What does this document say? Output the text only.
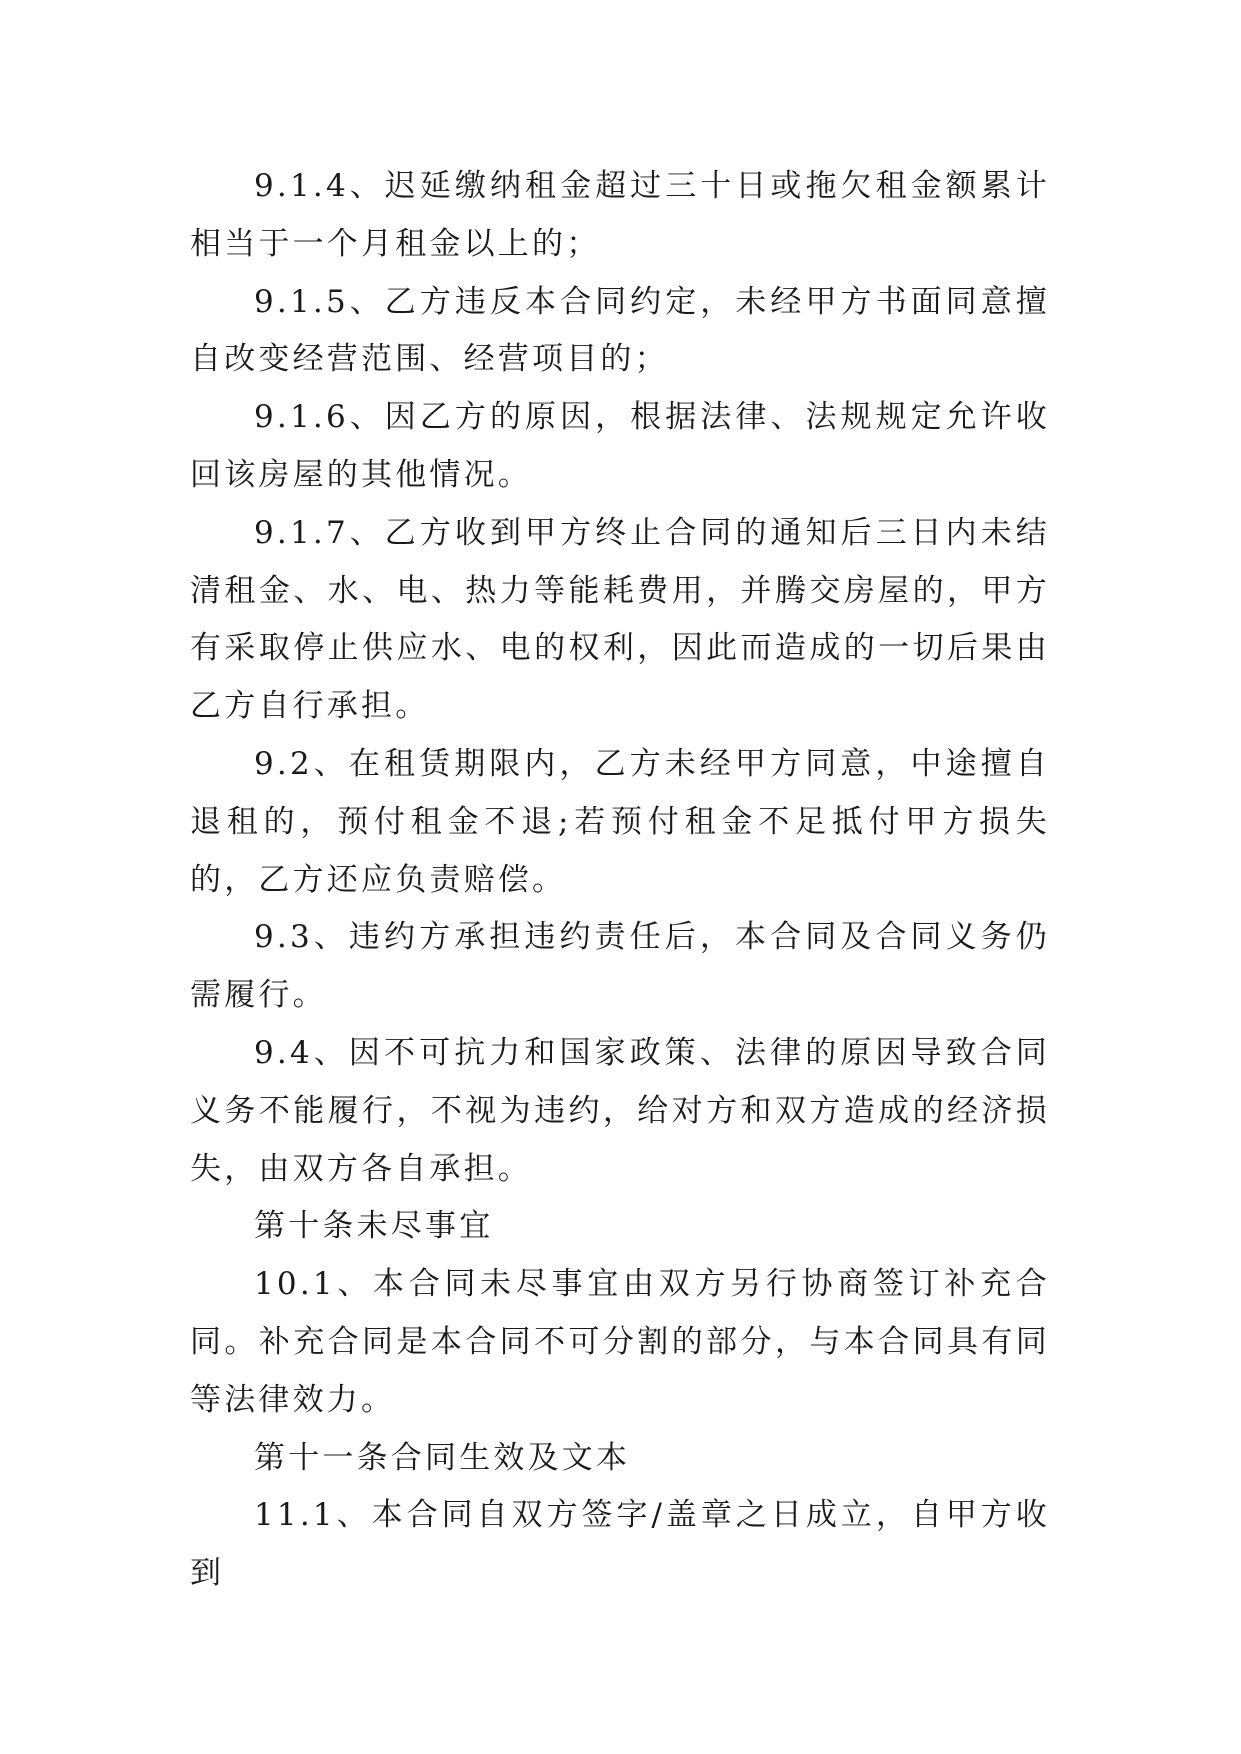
9.1.4、迟延缴纳租金超过三十日或拖欠租金额累计相当于一个月租金以上的；

9.1.5、乙方违反本合同约定，未经甲方书面同意擅自改变经营范围、经营项目的；

9.1.6、因乙方的原因，根据法律、法规规定允许收回该房屋的其他情况。

9.1.7、乙方收到甲方终止合同的通知后三日内未结清租金、水、电、热力等能耗费用，并腾交房屋的，甲方有采取停止供应水、电的权利，因此而造成的一切后果由乙方自行承担。

9.2、在租赁期限内，乙方未经甲方同意，中途擅自退租的，预付租金不退;若预付租金不足抵付甲方损失的，乙方还应负责赔偿。

9.3、违约方承担违约责任后，本合同及合同义务仍需履行。

9.4、因不可抗力和国家政策、法律的原因导致合同义务不能履行，不视为违约，给对方和双方造成的经济损失，由双方各自承担。

第十条未尽事宜

10.1、本合同未尽事宜由双方另行协商签订补充合同。补充合同是本合同不可分割的部分，与本合同具有同等法律效力。

第十一条合同生效及文本

11.1、本合同自双方签字/盖章之日成立，自甲方收到
